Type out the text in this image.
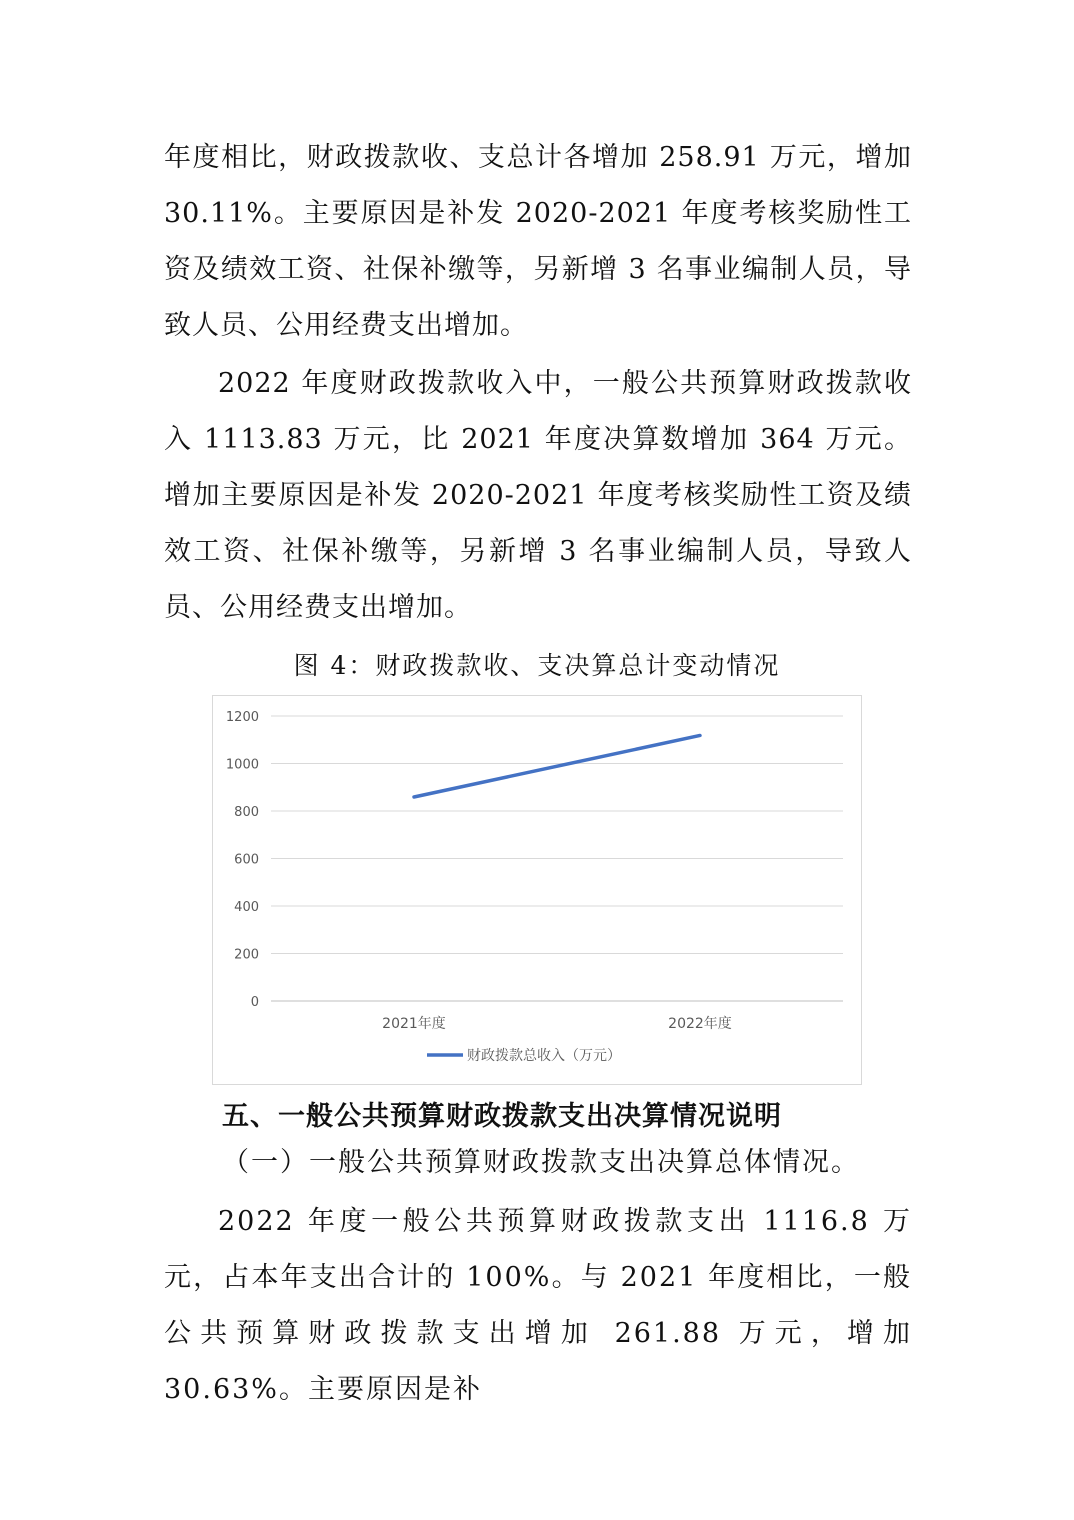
年度相比，财政拨款收、支总计各增加 258.91 万元，增加 30.11%。主要原因是补发 2020-2021 年度考核奖励性工资及绩效工资、社保补缴等，另新增 3 名事业编制人员，导致人员、公用经费支出增加。

2022 年度财政拨款收入中，一般公共预算财政拨款收入 1113.83 万元，比 2021 年度决算数增加 364 万元。增加主要原因是补发 2020-2021 年度考核奖励性工资及绩效工资、社保补缴等，另新增 3 名事业编制人员，导致人员、公用经费支出增加。

图 4：财政拨款收、支决算总计变动情况
0
200
400
600
800
1000
1200
2021年度	2022年度
财政拨款总收入（万元）
五、一般公共预算财政拨款支出决算情况说明

（一）一般公共预算财政拨款支出决算总体情况。

2022 年度一般公共预算财政拨款支出 1116.8 万元，占本年支出合计的 100%。与 2021 年度相比，一般公共预算财政拨款支出增加 261.88 万元，增加 30.63%。主要原因是补
